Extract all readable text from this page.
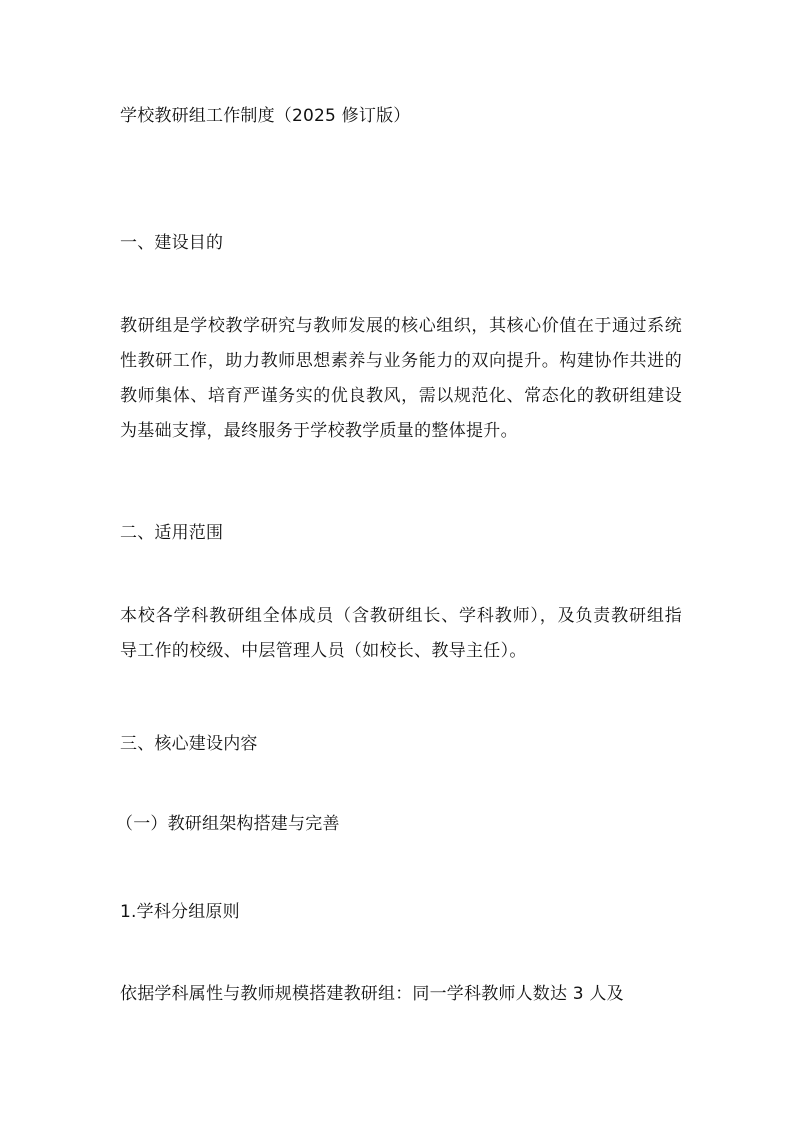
学校教研组工作制度（2025 修订版）
一、建设目的
教研组是学校教学研究与教师发展的核心组织，其核心价值在于通过系统性教研工作，助力教师思想素养与业务能力的双向提升。构建协作共进的教师集体、培育严谨务实的优良教风，需以规范化、常态化的教研组建设为基础支撑，最终服务于学校教学质量的整体提升。
二、适用范围
本校各学科教研组全体成员（含教研组长、学科教师），及负责教研组指导工作的校级、中层管理人员（如校长、教导主任）。
三、核心建设内容
（一）教研组架构搭建与完善
1.学科分组原则
依据学科属性与教师规模搭建教研组：同一学科教师人数达 3 人及
